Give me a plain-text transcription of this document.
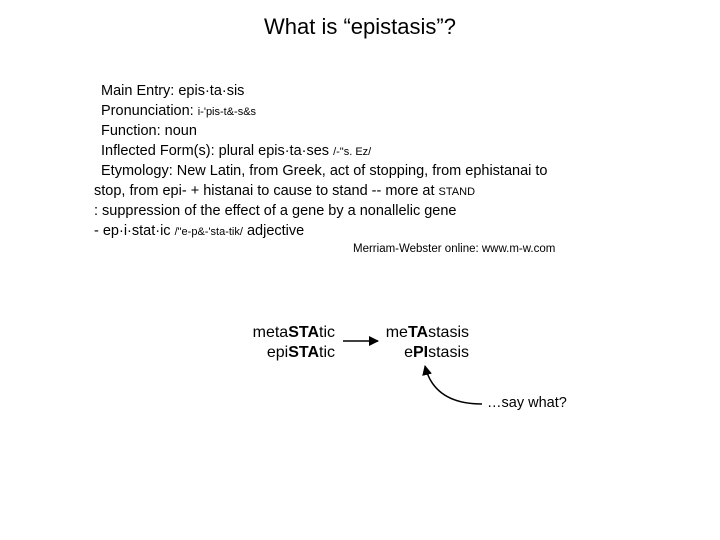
What is “epistasis”?
Main Entry: epis·ta·sis
Pronunciation: i-'pis-t&-s&s
Function: noun
Inflected Form(s): plural epis·ta·ses /-"s. Ez/
Etymology: New Latin, from Greek, act of stopping, from ephistanai to
stop, from epi- + histanai to cause to stand -- more at STAND
: suppression of the effect of a gene by a nonallelic gene
- ep·i·stat·ic /"e-p&-'sta-tik/ adjective
Merriam-Webster online: www.m-w.com
metaSTAtic
epiSTAtic
meTAstasis
ePIstasis
…say what?
